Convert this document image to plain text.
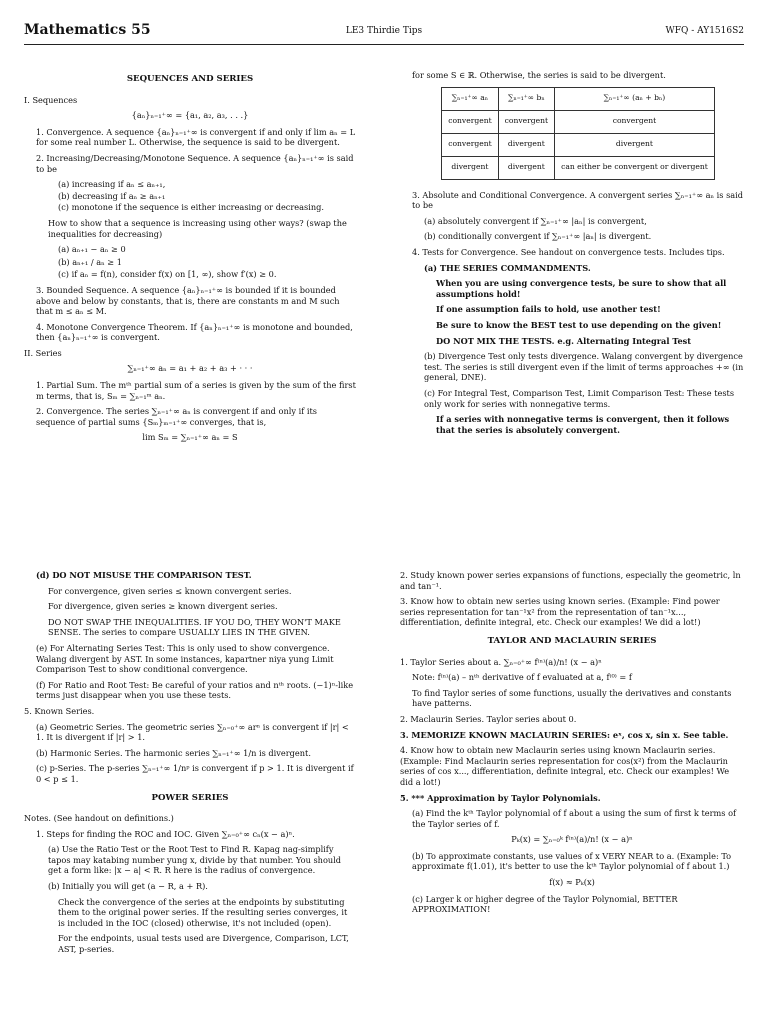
Mathematics 55	LE3 Thirdie Tips	WFQ - AY1516S2
SEQUENCES AND SERIES

I. Sequences

{aₙ}ₙ₌₁⁺∞ = {a₁, a₂, a₃, . . .}

1. Convergence. A sequence {aₙ}ₙ₌₁⁺∞ is convergent if and only if lim aₙ = L for some real number L. Otherwise, the sequence is said to be divergent.

2. Increasing/Decreasing/Monotone Sequence. A sequence {aₙ}ₙ₌₁⁺∞ is said to be

(a) increasing if aₙ ≤ aₙ₊₁,

(b) decreasing if aₙ ≥ aₙ₊₁

(c) monotone if the sequence is either increasing or decreasing.

How to show that a sequence is increasing using other ways? (swap the inequalities for decreasing)

(a) aₙ₊₁ − aₙ ≥ 0

(b) aₙ₊₁ / aₙ ≥ 1

(c) if aₙ = f(n), consider f(x) on [1, ∞), show f′(x) ≥ 0.

3. Bounded Sequence. A sequence {aₙ}ₙ₌₁⁺∞ is bounded if it is bounded above and below by constants, that is, there are constants m and M such that m ≤ aₙ ≤ M.

4. Monotone Convergence Theorem. If {aₙ}ₙ₌₁⁺∞ is monotone and bounded, then {aₙ}ₙ₌₁⁺∞ is convergent.

II. Series

∑ₙ₌₁⁺∞ aₙ = a₁ + a₂ + a₃ + · · ·

1. Partial Sum. The mᵗʰ partial sum of a series is given by the sum of the first m terms, that is, Sₘ = ∑ₙ₌₁ᵐ aₙ.

2. Convergence. The series ∑ₙ₌₁⁺∞ aₙ is convergent if and only if its sequence of partial sums {Sₘ}ₘ₌₁⁺∞ converges, that is,

lim Sₘ = ∑ₙ₌₁⁺∞ aₙ = S

for some S ∈ ℝ. Otherwise, the series is said to be divergent.

∑ₙ₌₁⁺∞ aₙ	∑ₙ₌₁⁺∞ bₙ	∑ₙ₌₁⁺∞ (aₙ + bₙ)
convergent	convergent	convergent
convergent	divergent	divergent
divergent	divergent	can either be convergent or divergent

3. Absolute and Conditional Convergence. A convergent series ∑ₙ₌₁⁺∞ aₙ is said to be

(a) absolutely convergent if ∑ₙ₌₁⁺∞ |aₙ| is convergent,

(b) conditionally convergent if ∑ₙ₌₁⁺∞ |aₙ| is divergent.

4. Tests for Convergence. See handout on convergence tests. Includes tips.

(a) THE SERIES COMMANDMENTS.

When you are using convergence tests, be sure to show that all assumptions hold!

If one assumption fails to hold, use another test!

Be sure to know the BEST test to use depending on the given!

DO NOT MIX THE TESTS. e.g. Alternating Integral Test

(b) Divergence Test only tests divergence. Walang convergent by divergence test. The series is still divergent even if the limit of terms approaches +∞ (in general, DNE).

(c) For Integral Test, Comparison Test, Limit Comparison Test: These tests only work for series with nonnegative terms.

If a series with nonnegative terms is convergent, then it follows that the series is absolutely convergent.

(d) DO NOT MISUSE THE COMPARISON TEST.

For convergence, given series ≤ known convergent series.

For divergence, given series ≥ known divergent series.

DO NOT SWAP THE INEQUALITIES. IF YOU DO, THEY WON'T MAKE SENSE. The series to compare USUALLY LIES IN THE GIVEN.

(e) For Alternating Series Test: This is only used to show convergence. Walang divergent by AST. In some instances, kapartner niya yung Limit Comparison Test to show conditional convergence.

(f) For Ratio and Root Test: Be careful of your ratios and nᵗʰ roots. (−1)ⁿ-like terms just disappear when you use these tests.

5. Known Series.

(a) Geometric Series. The geometric series ∑ₙ₌₀⁺∞ arⁿ is convergent if |r| < 1. It is divergent if |r| > 1.

(b) Harmonic Series. The harmonic series ∑ₙ₌₁⁺∞ 1/n is divergent.

(c) p-Series. The p-series ∑ₙ₌₁⁺∞ 1/nᵖ is convergent if p > 1. It is divergent if 0 < p ≤ 1.

POWER SERIES

Notes. (See handout on definitions.)

1. Steps for finding the ROC and IOC. Given ∑ₙ₌₀⁺∞ cₙ(x − a)ⁿ.

(a) Use the Ratio Test or the Root Test to Find R. Kapag nag-simplify tapos may katabing number yung x, divide by that number. You should get a form like: |x − a| < R. R here is the radius of convergence.

(b) Initially you will get (a − R, a + R).

Check the convergence of the series at the endpoints by substituting them to the original power series. If the resulting series converges, it is included in the IOC (closed) otherwise, it's not included (open).

For the endpoints, usual tests used are Divergence, Comparison, LCT, AST, p-series.

2. Study known power series expansions of functions, especially the geometric, ln and tan⁻¹.

3. Know how to obtain new series using known series. (Example: Find power series representation for tan⁻¹x² from the representation of tan⁻¹x..., differentiation, definite integral, etc. Check our examples! We did a lot!)

TAYLOR AND MACLAURIN SERIES

1. Taylor Series about a. ∑ₙ₌₀⁺∞ f⁽ⁿ⁾(a)/n! (x − a)ⁿ

Note: f⁽ⁿ⁾(a) – nᵗʰ derivative of f evaluated at a, f⁽⁰⁾ = f

To find Taylor series of some functions, usually the derivatives and constants have patterns.

2. Maclaurin Series. Taylor series about 0.

3. MEMORIZE KNOWN MACLAURIN SERIES: eˣ, cos x, sin x. See table.

4. Know how to obtain new Maclaurin series using known Maclaurin series. (Example: Find Maclaurin series representation for cos(x²) from the Maclaurin series of cos x..., differentiation, definite integral, etc. Check our examples! We did a lot!)

5. *** Approximation by Taylor Polynomials.

(a) Find the kᵗʰ Taylor polynomial of f about a using the sum of first k terms of the Taylor series of f.

Pₖ(x) = ∑ₙ₌₀ᵏ f⁽ⁿ⁾(a)/n! (x − a)ⁿ

(b) To approximate constants, use values of x VERY NEAR to a. (Example: To approximate f(1.01), it's better to use the kᵗʰ Taylor polynomial of f about 1.)

f(x) ≈ Pₖ(x)

(c) Larger k or higher degree of the Taylor Polynomial, BETTER APPROXIMATION!
